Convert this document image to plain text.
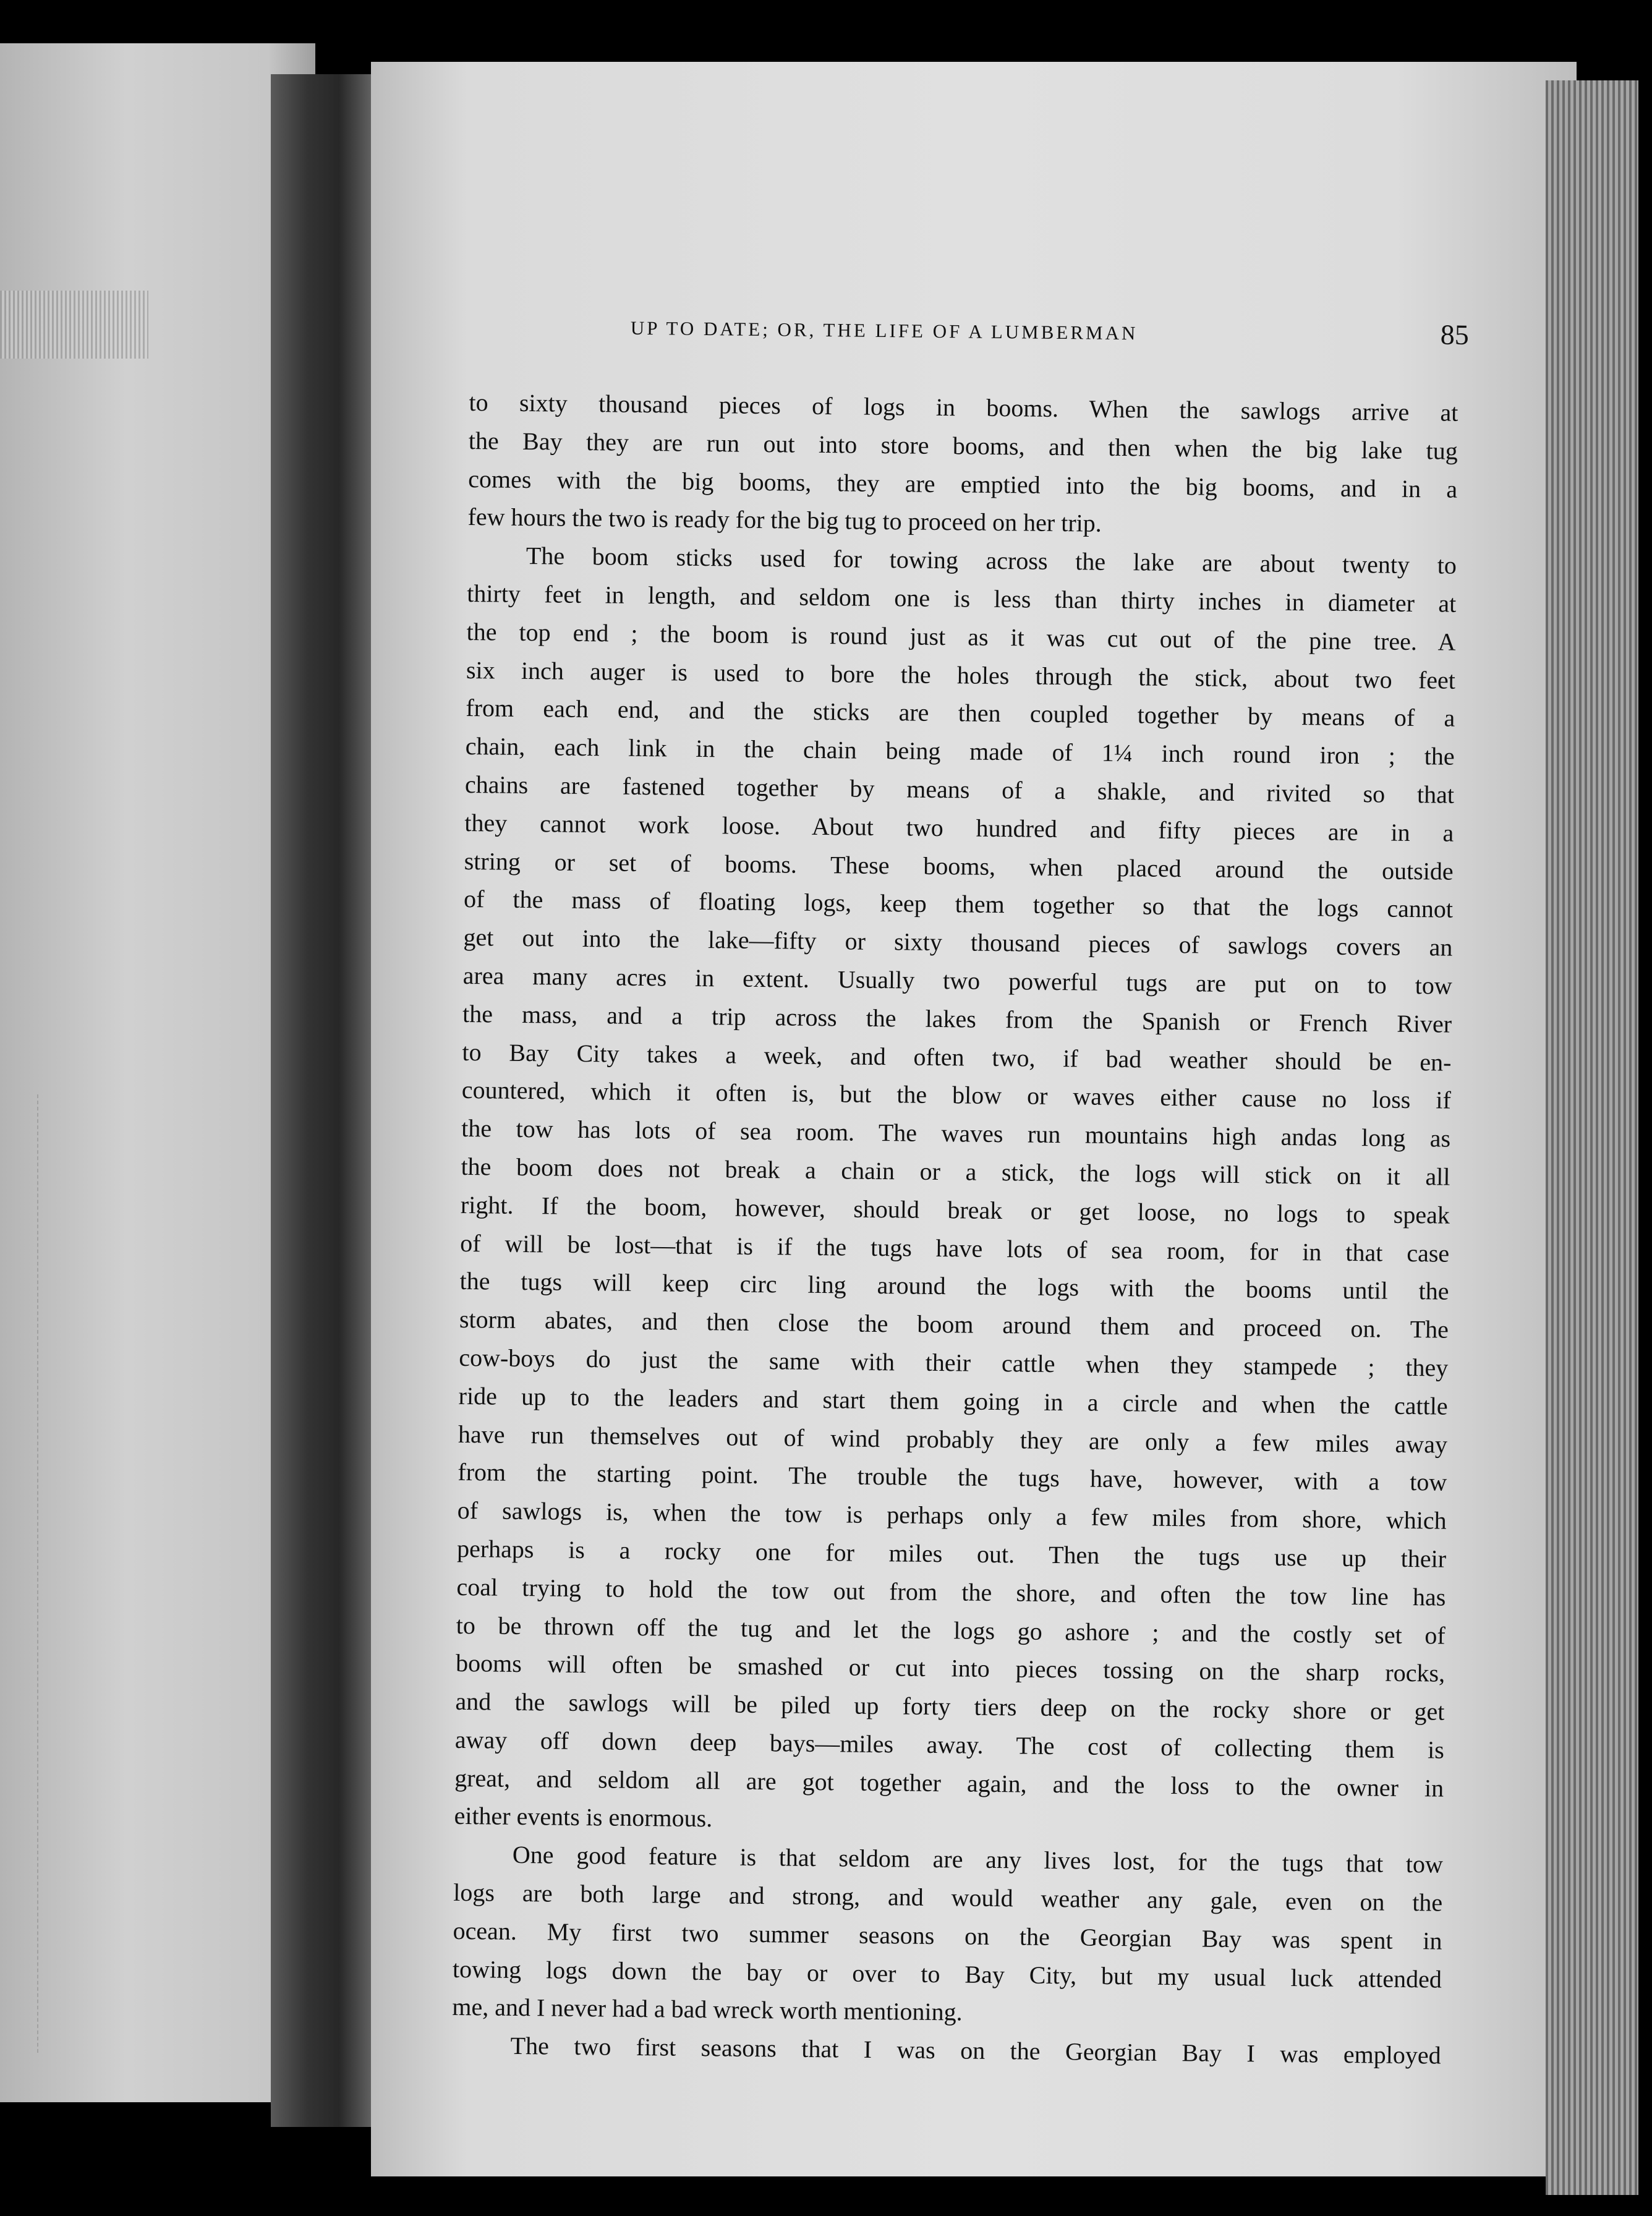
UP TO DATE; OR, THE LIFE OF A LUMBERMAN	85
to sixty thousand pieces of logs in booms. When the sawlogs arrive at
the Bay they are run out into store booms, and then when the big lake tug
comes with the big booms, they are emptied into the big booms, and in a
few hours the two is ready for the big tug to proceed on her trip.
The boom sticks used for towing across the lake are about twenty to
thirty feet in length, and seldom one is less than thirty inches in diameter at
the top end ; the boom is round just as it was cut out of the pine tree. A
six inch auger is used to bore the holes through the stick, about two feet
from each end, and the sticks are then coupled together by means of a
chain, each link in the chain being made of 1¼ inch round iron ; the
chains are fastened together by means of a shakle, and rivited so that
they cannot work loose. About two hundred and fifty pieces are in a
string or set of booms. These booms, when placed around the outside
of the mass of floating logs, keep them together so that the logs cannot
get out into the lake—fifty or sixty thousand pieces of sawlogs covers an
area many acres in extent. Usually two powerful tugs are put on to tow
the mass, and a trip across the lakes from the Spanish or French River
to Bay City takes a week, and often two, if bad weather should be en-
countered, which it often is, but the blow or waves either cause no loss if
the tow has lots of sea room. The waves run mountains high andas long as
the boom does not break a chain or a stick, the logs will stick on it all
right. If the boom, however, should break or get loose, no logs to speak
of will be lost—that is if the tugs have lots of sea room, for in that case
the tugs will keep circ ling around the logs with the booms until the
storm abates, and then close the boom around them and proceed on. The
cow-boys do just the same with their cattle when they stampede ; they
ride up to the leaders and start them going in a circle and when the cattle
have run themselves out of wind probably they are only a few miles away
from the starting point. The trouble the tugs have, however, with a tow
of sawlogs is, when the tow is perhaps only a few miles from shore, which
perhaps is a rocky one for miles out. Then the tugs use up their
coal trying to hold the tow out from the shore, and often the tow line has
to be thrown off the tug and let the logs go ashore ; and the costly set of
booms will often be smashed or cut into pieces tossing on the sharp rocks,
and the sawlogs will be piled up forty tiers deep on the rocky shore or get
away off down deep bays—miles away. The cost of collecting them is
great, and seldom all are got together again, and the loss to the owner in
either events is enormous.
One good feature is that seldom are any lives lost, for the tugs that tow
logs are both large and strong, and would weather any gale, even on the
ocean. My first two summer seasons on the Georgian Bay was spent in
towing logs down the bay or over to Bay City, but my usual luck attended
me, and I never had a bad wreck worth mentioning.
The two first seasons that I was on the Georgian Bay I was employed
